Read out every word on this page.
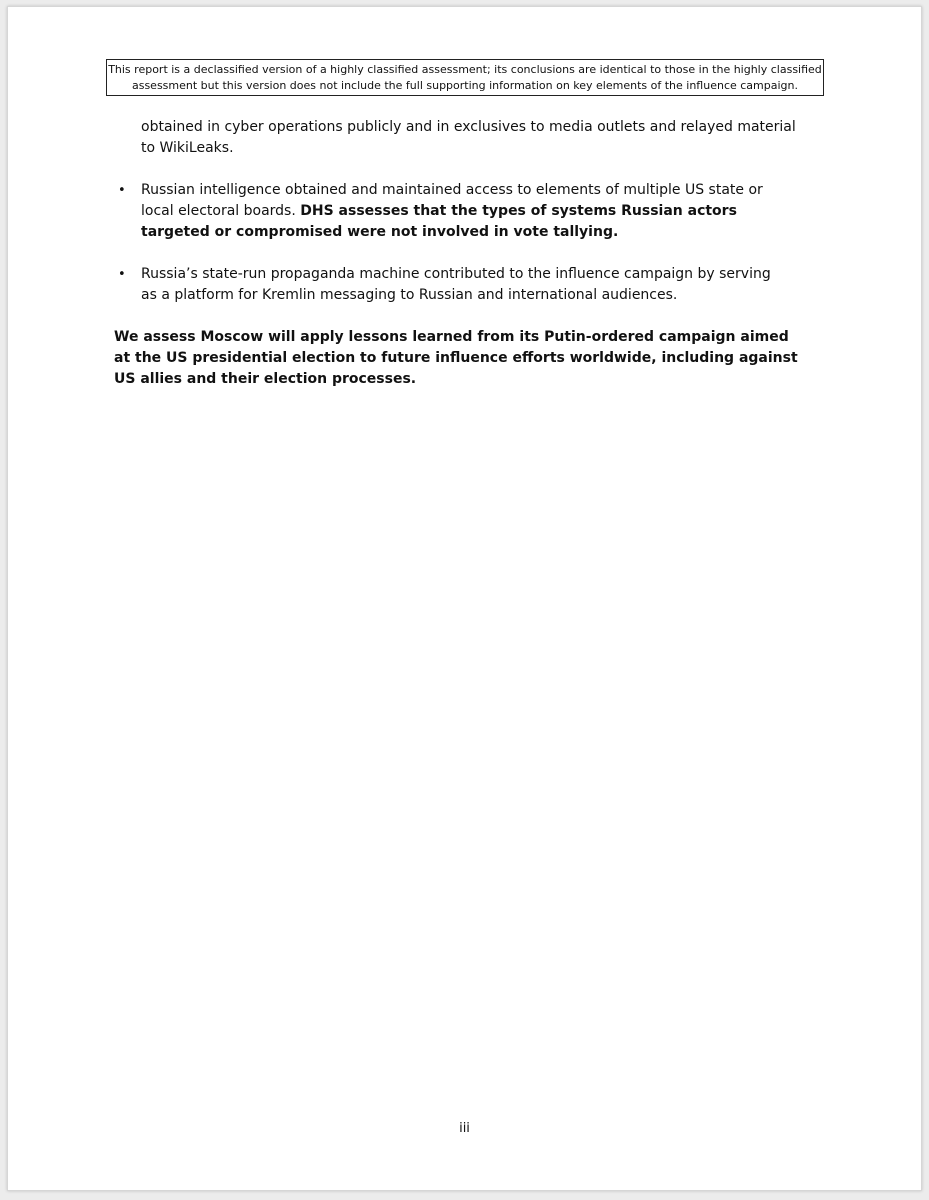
This report is a declassified version of a highly classified assessment; its conclusions are identical to those in the highly classified assessment but this version does not include the full supporting information on key elements of the influence campaign.

obtained in cyber operations publicly and in exclusives to media outlets and relayed material to WikiLeaks.

• Russian intelligence obtained and maintained access to elements of multiple US state or local electoral boards. DHS assesses that the types of systems Russian actors targeted or compromised were not involved in vote tallying.
• Russia’s state-run propaganda machine contributed to the influence campaign by serving as a platform for Kremlin messaging to Russian and international audiences.

We assess Moscow will apply lessons learned from its Putin-ordered campaign aimed at the US presidential election to future influence efforts worldwide, including against US allies and their election processes.

iii
